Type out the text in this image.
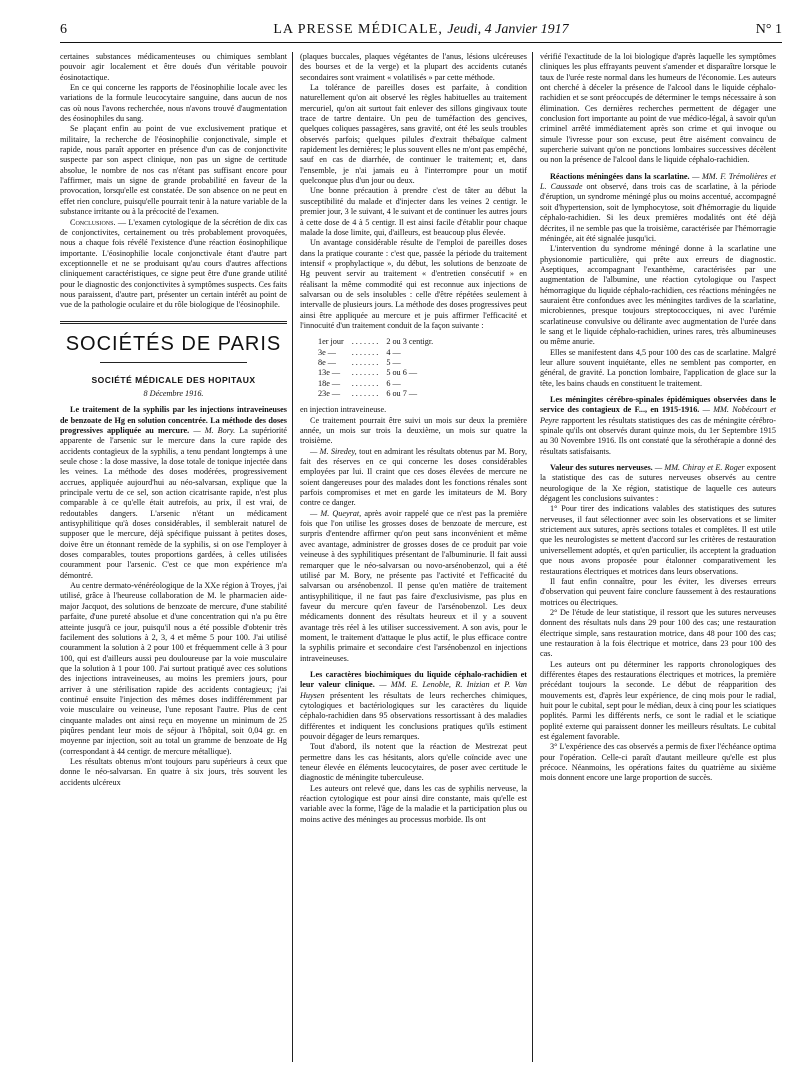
6	LA PRESSE MÉDICALE, Jeudi, 4 Janvier 1917	N° 1

certaines substances médicamenteuses ou chimiques semblant pouvoir agir localement et être doués d'un véritable pouvoir éosinotactique.

En ce qui concerne les rapports de l'éosinophilie locale avec les variations de la formule leucocytaire sanguine, dans aucun de nos cas où nous l'avons recherchée, nous n'avons trouvé d'augmentation des éosinophiles du sang.

Se plaçant enfin au point de vue exclusivement pratique et militaire, la recherche de l'éosinophilie conjonctivale, simple et rapide, nous paraît apporter en présence d'un cas de conjonctivite suspecte par son aspect clinique, non pas un signe de certitude absolue, le nombre de nos cas n'étant pas suffisant encore pour l'affirmer, mais un signe de grande probabilité en faveur de la provocation, lorsqu'elle est constatée. De son absence on ne peut en effet rien conclure, puisqu'elle pourrait tenir à la nature variable de la substance irritante ou à la précocité de l'examen.

Conclusions. — L'examen cytologique de la sécrétion de dix cas de conjonctivites, certainement ou très probablement provoquées, nous a chaque fois révélé l'existence d'une réaction éosinophilique importante. L'éosinophilie locale conjonctivale étant d'autre part exceptionnelle et ne se produisant qu'au cours d'autres affections cliniquement caractéristiques, ce signe peut être d'une grande utilité pour le diagnostic des conjonctivites à symptômes suspects. Ces faits nous paraissent, d'autre part, présenter un certain intérêt au point de vue de la pathologie oculaire et du rôle biologique de l'éosinophile.

SOCIÉTÉS DE PARIS
SOCIÉTÉ MÉDICALE DES HOPITAUX
8 Décembre 1916.

Le traitement de la syphilis par les injections intraveineuses de benzoate de Hg en solution concentrée. La méthode des doses progressives appliquée au mercure. — M. Bory. La supériorité apparente de l'arsenic sur le mercure dans la cure rapide des accidents contagieux de la syphilis, a tenu pendant longtemps à une seule chose : la dose massive, la dose totale de tonique injectée dans les veines. La méthode des doses modérées, progressivement accrues, appliquée aujourd'hui au néo-salvarsan, explique que la principale vertu de ce sel, son action cicatrisante rapide, n'est plus comparable à ce qu'elle était autrefois, au prix, il est vrai, de redoutables dangers. L'arsenic n'étant un médicament antisyphilitique qu'à doses considérables, il semblerait naturel de supposer que le mercure, déjà spécifique puissant à petites doses, doive être un étonnant remède de la syphilis, si on ose l'employer à doses comparables, toutes proportions gardées, à celles utilisées couramment pour l'arsenic. C'est ce que mon expérience m'a démontré.

Au centre dermato-vénéréologique de la XXe région à Troyes, j'ai utilisé, grâce à l'heureuse collaboration de M. le pharmacien aide-major Jacquot, des solutions de benzoate de mercure, d'une stabilité parfaite, d'une pureté absolue et d'une concentration qui n'a pu être atteinte jusqu'à ce jour, puisqu'il nous a été possible d'obtenir très facilement des solutions à 2, 3, 4 et même 5 pour 100. J'ai utilisé couramment la solution à 2 pour 100 et fréquemment celle à 3 pour 100, qui est d'ailleurs aussi peu douloureuse par la voie musculaire que la solution à 1 pour 100. J'ai surtout pratiqué avec ces solutions des injections intraveineuses, au moins les premiers jours, pour arriver à une stérilisation rapide des accidents contagieux; j'ai continué ensuite l'injection des mêmes doses indifféremment par voie musculaire ou veineuse, l'une reposant l'autre. Plus de cent cinquante malades ont ainsi reçu en moyenne un minimum de 25 piqûres pendant leur mois de séjour à l'hôpital, soit 0,04 gr. en moyenne par injection, soit au total un gramme de benzoate de Hg (correspondant à 44 centigr. de mercure métallique).

Les résultats obtenus m'ont toujours paru supérieurs à ceux que donne le néo-salvarsan. En quatre à six jours, très souvent les accidents ulcéreux

(plaques buccales, plaques végétantes de l'anus, lésions ulcéreuses des bourses et de la verge) et la plupart des accidents cutanés secondaires sont vraiment « volatilisés » par cette méthode.

La tolérance de pareilles doses est parfaite, à condition naturellement qu'on ait observé les règles habituelles au traitement mercuriel, qu'on ait surtout fait enlever des sillons gingivaux toute trace de tartre dentaire. Un peu de tuméfaction des gencives, quelques coliques passagères, sans gravité, ont été les seuls troubles observés parfois; quelques pilules d'extrait thébaïque calment rapidement les dernières; le plus souvent elles ne m'ont pas empêché, sauf en cas de diarrhée, de continuer le traitement; et, dans l'ensemble, je n'ai jamais eu à l'interrompre pour un motif quelconque plus d'un jour ou deux.

Une bonne précaution à prendre c'est de tâter au début la susceptibilité du malade et d'injecter dans les veines 2 centigr. le premier jour, 3 le suivant, 4 le suivant et de continuer les autres jours à cette dose de 4 à 5 centigr. Il est ainsi facile d'établir pour chaque malade la dose limite, qui, d'ailleurs, est beaucoup plus élevée.

Un avantage considérable résulte de l'emploi de pareilles doses dans la pratique courante : c'est que, passée la période du traitement intensif « prophylactique », du début, les solutions de benzoate de Hg peuvent servir au traitement « d'entretien consécutif » en réalisant la même commodité qui est reconnue aux injections de salvarsan ou de sels insolubles : celle d'être répétées seulement à intervalle de plusieurs jours. La méthode des doses progressives peut ainsi être appliquée au mercure et je puis affirmer l'efficacité et l'innocuité d'un traitement conduit de la façon suivante :

1er jour	. . . . . . .	2 ou 3 centigr.
3e —	. . . . . . .	4 —
8e —	. . . . . . .	5 —
13e —	. . . . . . .	5 ou 6 —
18e —	. . . . . . .	6 —
23e —	. . . . . . .	6 ou 7 —

en injection intraveineuse.

Ce traitement pourrait être suivi un mois sur deux la première année, un mois sur trois la deuxième, un mois sur quatre la troisième.

— M. Siredey, tout en admirant les résultats obtenus par M. Bory, fait des réserves en ce qui concerne les doses considérables employées par lui. Il craint que ces doses élevées de mercure ne soient dangereuses pour des malades dont les fonctions rénales sont parfois compromises et met en garde les imitateurs de M. Bory contre ce danger.

— M. Queyrat, après avoir rappelé que ce n'est pas la première fois que l'on utilise les grosses doses de benzoate de mercure, est surpris d'entendre affirmer qu'on peut sans inconvénient et même avec avantage, administrer de grosses doses de ce produit par voie veineuse à des syphilitiques présentant de l'albuminurie. Il fait aussi remarquer que le néo-salvarsan ou novo-arsénobenzol, qui a été utilisé par M. Bory, ne présente pas l'activité et l'efficacité du salvarsan ou arsénobenzol. Il pense qu'en matière de traitement antisyphilitique, il ne faut pas faire d'exclusivisme, pas plus en faveur du mercure qu'en faveur de l'arsénobenzol. Les deux médicaments donnent des résultats heureux et il y a souvent avantage très réel à les utiliser successivement. A son avis, pour le moment, le traitement d'attaque le plus actif, le plus efficace contre la syphilis primaire et secondaire c'est l'arsénobenzol en injections intraveineuses.

Les caractères biochimiques du liquide céphalo-rachidien et leur valeur clinique. — MM. E. Lenoble, R. Inizian et P. Van Huysen présentent les résultats de leurs recherches chimiques, cytologiques et bactériologiques sur les caractères du liquide céphalo-rachidien dans 95 observations ressortissant à des maladies différentes et indiquent les conclusions pratiques qu'ils estiment pouvoir dégager de leurs remarques.

Tout d'abord, ils notent que la réaction de Mestrezat peut permettre dans les cas hésitants, alors qu'elle coïncide avec une teneur élevée en éléments leucocytaires, de poser avec certitude le diagnostic de méningite tuberculeuse.

Les auteurs ont relevé que, dans les cas de syphilis nerveuse, la réaction cytologique est pour ainsi dire constante, mais qu'elle est variable avec la forme, l'âge de la maladie et la participation plus ou moins active des méninges au processus morbide. Ils ont

vérifié l'exactitude de la loi biologique d'après laquelle les symptômes cliniques les plus effrayants peuvent s'amender et disparaître lorsque le taux de l'urée reste normal dans les humeurs de l'économie. Les auteurs ont cherché à déceler la présence de l'alcool dans le liquide céphalo-rachidien et se sont préoccupés de déterminer le temps nécessaire à son élimination. Ces dernières recherches permettent de dégager une conclusion fort importante au point de vue médico-légal, à savoir qu'un criminel arrêté immédiatement après son crime et qui invoque ou simule l'ivresse pour son excuse, peut être aisément convaincu de supercherie suivant qu'on ne ponctions lombaires successives décèlent ou non la présence de l'alcool dans le liquide céphalo-rachidien.

Réactions méningées dans la scarlatine. — MM. F. Trémolières et L. Caussade ont observé, dans trois cas de scarlatine, à la période d'éruption, un syndrome méningé plus ou moins accentué, accompagné soit d'hypertension, soit de lymphocytose, soit d'hémorragie du liquide céphalo-rachidien. Si les deux premières modalités ont été déjà décrites, il ne semble pas que la troisième, caractérisée par l'hémorragie méningée, ait été signalée jusqu'ici.

L'intervention du syndrome méningé donne à la scarlatine une physionomie particulière, qui prête aux erreurs de diagnostic. Aseptiques, accompagnant l'exanthème, caractérisées par une augmentation de l'albumine, une réaction cytologique ou l'aspect hémorragique du liquide céphalo-rachidien, ces réactions méningées ne sauraient être confondues avec les méningites tardives de la scarlatine, microbiennes, presque toujours streptococciques, ni avec l'urémie scarlatineuse convulsive ou délirante avec augmentation de l'urée dans le sang et le liquide céphalo-rachidien, urines rares, très albumineuses ou même anurie.

Elles se manifestent dans 4,5 pour 100 des cas de scarlatine. Malgré leur allure souvent inquiétante, elles ne semblent pas comporter, en général, de gravité. La ponction lombaire, l'application de glace sur la tête, les bains chauds en constituent le traitement.

Les méningites cérébro-spinales épidémiques observées dans le service des contagieux de F..., en 1915-1916. — MM. Nobécourt et Peyre rapportent les résultats statistiques des cas de méningite cérébro-spinale qu'ils ont observés durant quinze mois, du 1er Septembre 1915 au 30 Novembre 1916. Ils ont constaté que la sérothérapie a donné des résultats satisfaisants.

Valeur des sutures nerveuses. — MM. Chiray et E. Roger exposent la statistique des cas de sutures nerveuses observés au centre neurologique de la Xe région, statistique de laquelle ces auteurs dégagent les conclusions suivantes :

1° Pour tirer des indications valables des statistiques des sutures nerveuses, il faut sélectionner avec soin les observations et se limiter strictement aux sutures, après sections totales et complètes. Il est utile que les neurologistes se mettent d'accord sur les critères de restauration universellement adoptés, et qu'en particulier, ils acceptent la graduation que nous avons proposée pour étalonner comparativement les restaurations électriques et motrices dans leurs observations.

Il faut enfin connaître, pour les éviter, les diverses erreurs d'observation qui peuvent faire conclure faussement à des restaurations motrices ou électriques.

2° De l'étude de leur statistique, il ressort que les sutures nerveuses donnent des résultats nuls dans 29 pour 100 des cas; une restauration électrique simple, sans restauration motrice, dans 48 pour 100 des cas; une restauration à la fois électrique et motrice, dans 23 pour 100 des cas.

Les auteurs ont pu déterminer les rapports chronologiques des différentes étapes des restaurations électriques et motrices, la première précédant toujours la seconde. Le début de réapparition des mouvements est, d'après leur expérience, de cinq mois pour le radial, huit pour le cubital, sept pour le médian, deux à cinq pour les sciatiques poplités. Parmi les différents nerfs, ce sont le radial et le sciatique poplité externe qui paraissent donner les meilleurs résultats. Le cubital est également favorable.

3° L'expérience des cas observés a permis de fixer l'échéance optima pour l'opération. Celle-ci paraît d'autant meilleure qu'elle est plus précoce. Néanmoins, les opérations faites du quatrième au sixième mois donnent encore une large proportion de succès.
